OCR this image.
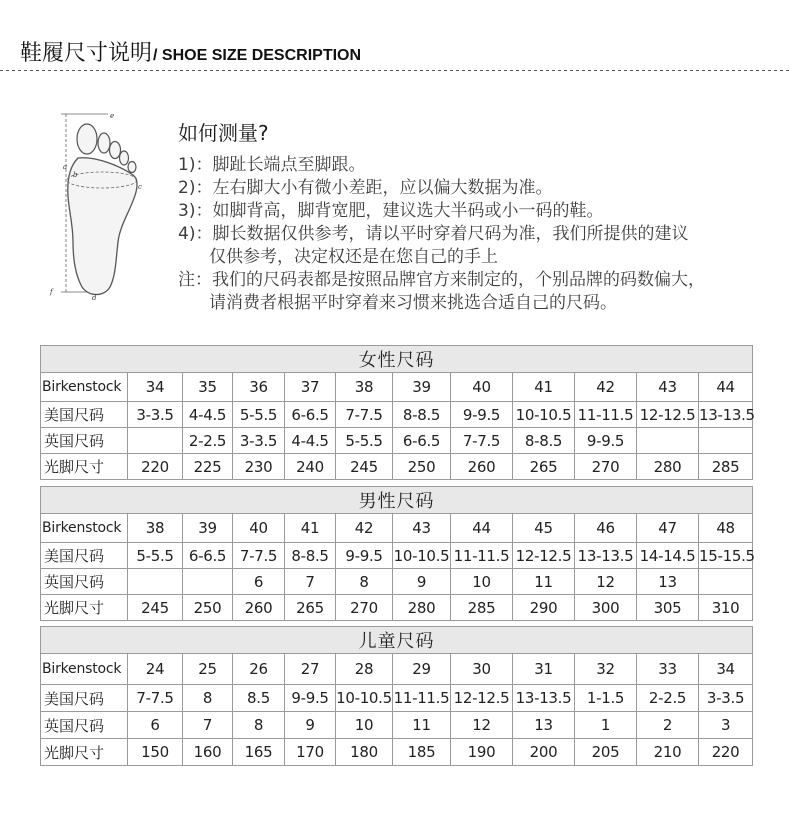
鞋履尺寸说明/ SHOE SIZE DESCRIPTION
e
a
b
c
d
f
如何测量?
1)：脚趾长端点至脚跟。
2)：左右脚大小有微小差距，应以偏大数据为准。
3)：如脚背高，脚背宽肥，建议选大半码或小一码的鞋。
4)：脚长数据仅供参考，请以平时穿着尺码为准，我们所提供的建议
仅供参考，决定权还是在您自己的手上
注：我们的尺码表都是按照品牌官方来制定的，个别品牌的码数偏大，
请消费者根据平时穿着来习惯来挑选合适自己的尺码。
女性尺码											
Birkenstock	34	35	36	37	38	39	40	41	42	43	44
美国尺码	3-3.5	4-4.5	5-5.5	6-6.5	7-7.5	8-8.5	9-9.5	10-10.5	11-11.5	12-12.5	13-13.5
英国尺码		2-2.5	3-3.5	4-4.5	5-5.5	6-6.5	7-7.5	8-8.5	9-9.5		
光脚尺寸	220	225	230	240	245	250	260	265	270	280	285
男性尺码											
Birkenstock	38	39	40	41	42	43	44	45	46	47	48
美国尺码	5-5.5	6-6.5	7-7.5	8-8.5	9-9.5	10-10.5	11-11.5	12-12.5	13-13.5	14-14.5	15-15.5
英国尺码			6	7	8	9	10	11	12	13	
光脚尺寸	245	250	260	265	270	280	285	290	300	305	310
儿童尺码											
Birkenstock	24	25	26	27	28	29	30	31	32	33	34
美国尺码	7-7.5	8	8.5	9-9.5	10-10.5	11-11.5	12-12.5	13-13.5	1-1.5	2-2.5	3-3.5
英国尺码	6	7	8	9	10	11	12	13	1	2	3
光脚尺寸	150	160	165	170	180	185	190	200	205	210	220
